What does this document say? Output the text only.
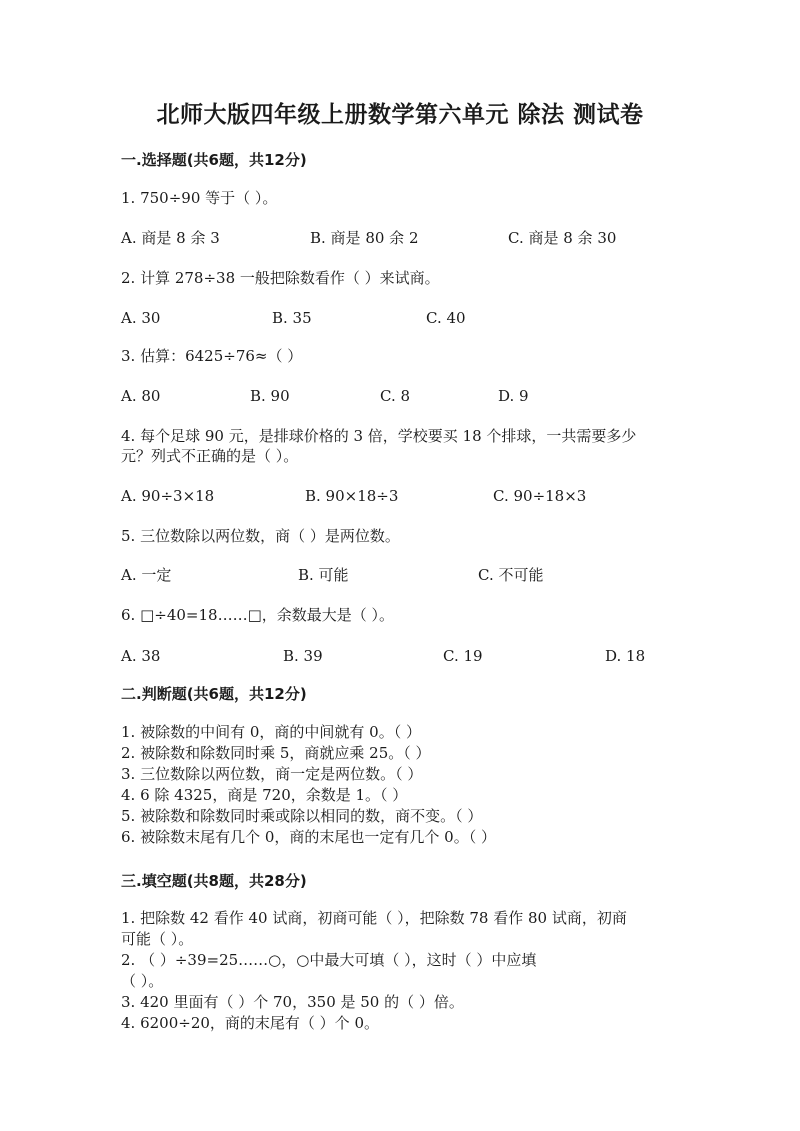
北师大版四年级上册数学第六单元 除法 测试卷
一.选择题(共6题，共12分)
1. 750÷90 等于（ ）。
A. 商是 8 余 3	B. 商是 80 余 2	C. 商是 8 余 30
2. 计算 278÷38 一般把除数看作（ ）来试商。
A. 30	B. 35	C. 40
3. 估算：6425÷76≈（ ）
A. 80	B. 90	C. 8	D. 9
4. 每个足球 90 元，是排球价格的 3 倍，学校要买 18 个排球，一共需要多少
元？列式不正确的是（ ）。
A. 90÷3×18	B. 90×18÷3	C. 90÷18×3
5. 三位数除以两位数，商（ ）是两位数。
A. 一定	B. 可能	C. 不可能
6. □÷40=18……□，余数最大是（ ）。
A. 38	B. 39	C. 19	D. 18
二.判断题(共6题，共12分)
1. 被除数的中间有 0，商的中间就有 0。（ ）
2. 被除数和除数同时乘 5，商就应乘 25。（ ）
3. 三位数除以两位数，商一定是两位数。（ ）
4. 6 除 4325，商是 720，余数是 1。（ ）
5. 被除数和除数同时乘或除以相同的数，商不变。（ ）
6. 被除数末尾有几个 0，商的末尾也一定有几个 0。（ ）
三.填空题(共8题，共28分)
1. 把除数 42 看作 40 试商，初商可能（ ），把除数 78 看作 80 试商，初商
可能（ ）。
2. （ ）÷39=25……○，○中最大可填（ ），这时（ ）中应填
（ ）。
3. 420 里面有（ ）个 70，350 是 50 的（ ）倍。
4. 6200÷20，商的末尾有（ ）个 0。
